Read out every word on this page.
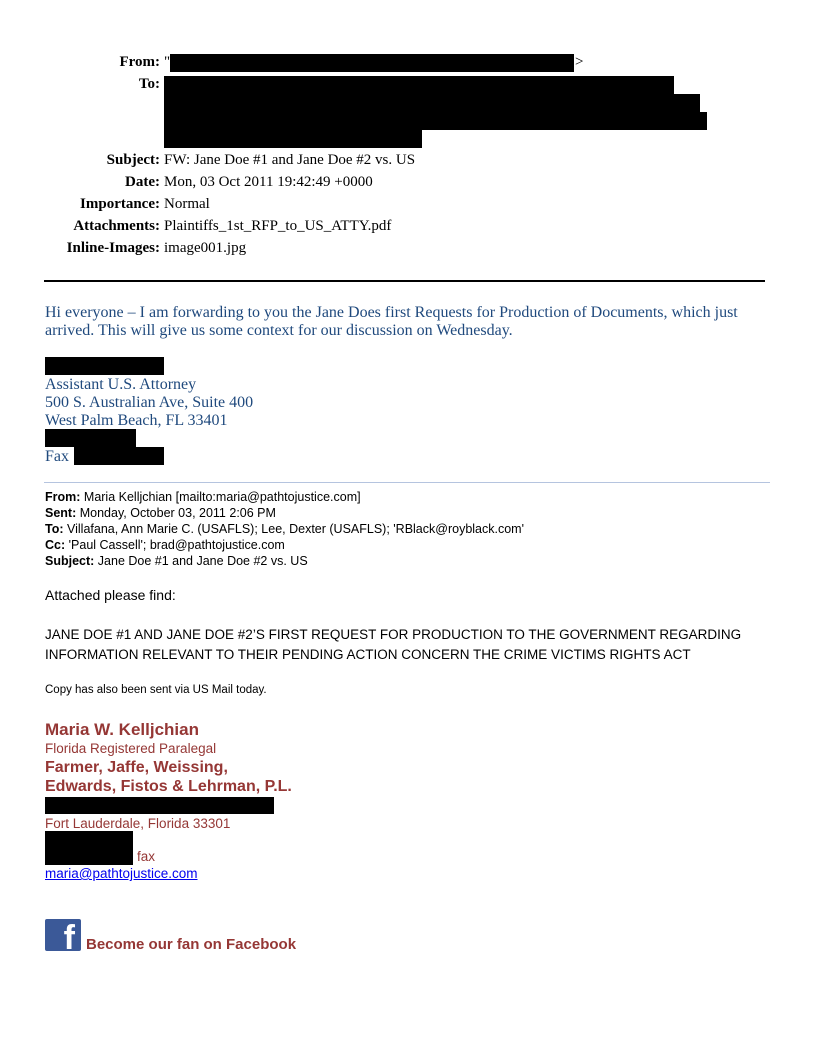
From: "	>
To:
Subject: FW: Jane Doe #1 and Jane Doe #2 vs. US
Date: Mon, 03 Oct 2011 19:42:49 +0000
Importance: Normal
Attachments: Plaintiffs_1st_RFP_to_US_ATTY.pdf
Inline-Images: image001.jpg
Hi everyone – I am forwarding to you the Jane Does first Requests for Production of Documents, which just
arrived. This will give us some context for our discussion on Wednesday.
Assistant U.S. Attorney
500 S. Australian Ave, Suite 400
West Palm Beach, FL 33401
Fax
From: Maria Kelljchian [mailto:maria@pathtojustice.com]
Sent: Monday, October 03, 2011 2:06 PM
To: Villafana, Ann Marie C. (USAFLS); Lee, Dexter (USAFLS); 'RBlack@royblack.com'
Cc: 'Paul Cassell'; brad@pathtojustice.com
Subject: Jane Doe #1 and Jane Doe #2 vs. US
Attached please find:
JANE DOE #1 AND JANE DOE #2’S FIRST REQUEST FOR PRODUCTION TO THE GOVERNMENT REGARDING
INFORMATION RELEVANT TO THEIR PENDING ACTION CONCERN THE CRIME VICTIMS RIGHTS ACT
Copy has also been sent via US Mail today.
Maria W. Kelljchian
Florida Registered Paralegal
Farmer, Jaffe, Weissing,
Edwards, Fistos & Lehrman, P.L.
Fort Lauderdale, Florida 33301
fax
maria@pathtojustice.com
f Become our fan on Facebook
